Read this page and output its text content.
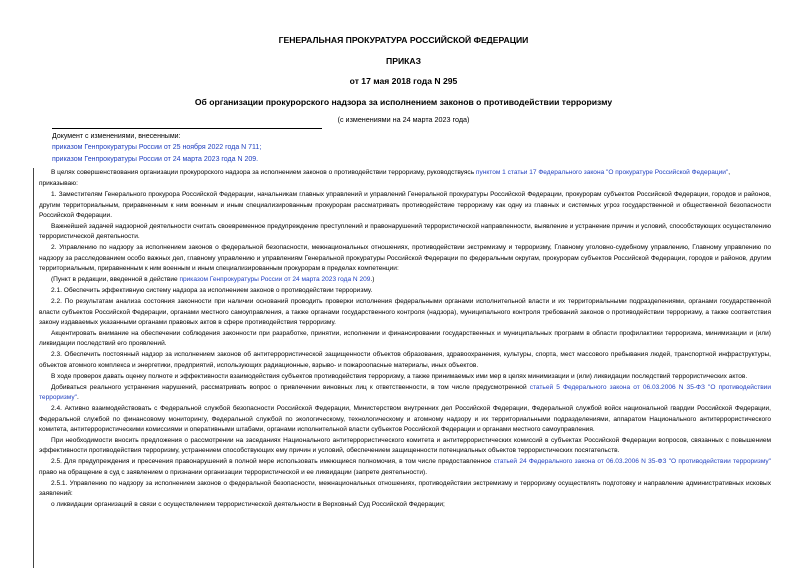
ГЕНЕРАЛЬНАЯ ПРОКУРАТУРА РОССИЙСКОЙ ФЕДЕРАЦИИ
ПРИКАЗ
от 17 мая 2018 года N 295
Об организации прокурорского надзора за исполнением законов о противодействии терроризму
(с изменениями на 24 марта 2023 года)
Документ с изменениями, внесенными:
приказом Генпрокуратуры России от 25 ноября 2022 года N 711;
приказом Генпрокуратуры России от 24 марта 2023 года N 209.

В целях совершенствования организации прокурорского надзора за исполнением законов о противодействии терроризму, руководствуясь пунктом 1 статьи 17 Федерального закона "О прокуратуре Российской Федерации",

приказываю:

1. Заместителям Генерального прокурора Российской Федерации, начальникам главных управлений и управлений Генеральной прокуратуры Российской Федерации, прокурорам субъектов Российской Федерации, городов и районов, другим территориальным, приравненным к ним военным и иным специализированным прокурорам рассматривать противодействие терроризму как одну из главных и системных угроз государственной и общественной безопасности Российской Федерации.

Важнейшей задачей надзорной деятельности считать своевременное предупреждение преступлений и правонарушений террористической направленности, выявление и устранение причин и условий, способствующих осуществлению террористической деятельности.

2. Управлению по надзору за исполнением законов о федеральной безопасности, межнациональных отношениях, противодействии экстремизму и терроризму, Главному уголовно-судебному управлению, Главному управлению по надзору за расследованием особо важных дел, главному управлению и управлениям Генеральной прокуратуры Российской Федерации по федеральным округам, прокурорам субъектов Российской Федерации, городов и районов, другим территориальным, приравненным к ним военным и иным специализированным прокурорам в пределах компетенции:

(Пункт в редакции, введенной в действие приказом Генпрокуратуры России от 24 марта 2023 года N 209.)

2.1. Обеспечить эффективную систему надзора за исполнением законов о противодействии терроризму.

2.2. По результатам анализа состояния законности при наличии оснований проводить проверки исполнения федеральными органами исполнительной власти и их территориальными подразделениями, органами государственной власти субъектов Российской Федерации, органами местного самоуправления, а также органами государственного контроля (надзора), муниципального контроля требований законов о противодействии терроризму, а также соответствия закону издаваемых указанными органами правовых актов в сфере противодействия терроризму.

Акцентировать внимание на обеспечении соблюдения законности при разработке, принятии, исполнении и финансировании государственных и муниципальных программ в области профилактики терроризма, минимизации и (или) ликвидации последствий его проявлений.

2.3. Обеспечить постоянный надзор за исполнением законов об антитеррористической защищенности объектов образования, здравоохранения, культуры, спорта, мест массового пребывания людей, транспортной инфраструктуры, объектов атомного комплекса и энергетики, предприятий, использующих радиационные, взрыво- и пожароопасные материалы, иных объектов.

В ходе проверок давать оценку полноте и эффективности взаимодействия субъектов противодействия терроризму, а также принимаемых ими мер в целях минимизации и (или) ликвидации последствий террористических актов.

Добиваться реального устранения нарушений, рассматривать вопрос о привлечении виновных лиц к ответственности, в том числе предусмотренной статьей 5 Федерального закона от 06.03.2006 N 35-ФЗ "О противодействии терроризму".

2.4. Активно взаимодействовать с Федеральной службой безопасности Российской Федерации, Министерством внутренних дел Российской Федерации, Федеральной службой войск национальной гвардии Российской Федерации, Федеральной службой по финансовому мониторингу, Федеральной службой по экологическому, технологическому и атомному надзору и их территориальными подразделениями, аппаратом Национального антитеррористического комитета, антитеррористическими комиссиями и оперативными штабами, органами исполнительной власти субъектов Российской Федерации и органами местного самоуправления.

При необходимости вносить предложения о рассмотрении на заседаниях Национального антитеррористического комитета и антитеррористических комиссий в субъектах Российской Федерации вопросов, связанных с повышением эффективности противодействия терроризму, устранением способствующих ему причин и условий, обеспечением защищенности потенциальных объектов террористических посягательств.

2.5. Для предупреждения и пресечения правонарушений в полной мере использовать имеющиеся полномочия, в том числе предоставленное статьей 24 Федерального закона от 06.03.2006 N 35-ФЗ "О противодействии терроризму" право на обращение в суд с заявлением о признании организации террористической и ее ликвидации (запрете деятельности).

2.5.1. Управлению по надзору за исполнением законов о федеральной безопасности, межнациональных отношениях, противодействии экстремизму и терроризму осуществлять подготовку и направление административных исковых заявлений:

о ликвидации организаций в связи с осуществлением террористической деятельности в Верховный Суд Российской Федерации;
